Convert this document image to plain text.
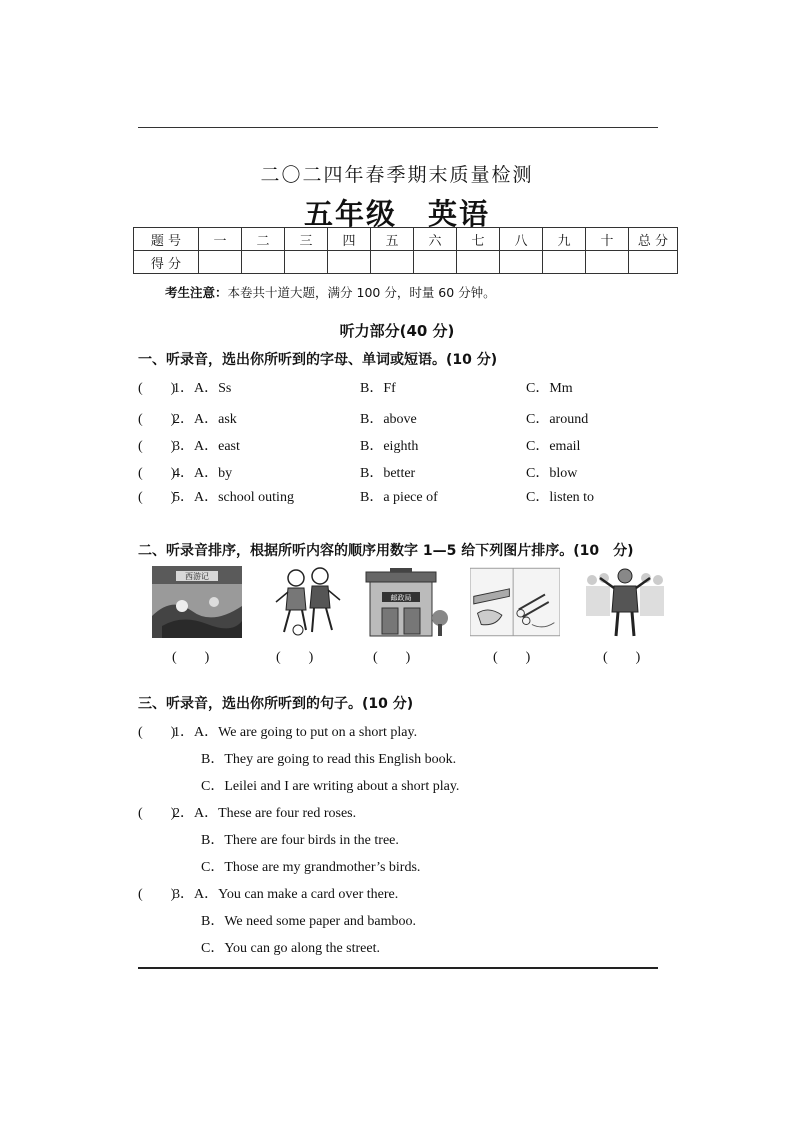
二〇二四年春季期末质量检测
五年级　英语
题 号	一	二	三	四	五	六	七	八	九	十	总 分
得 分											
考生注意：本卷共十道大题，满分 100 分，时量 60 分钟。
听力部分(40 分)
一、听录音，选出你所听到的字母、单词或短语。(10 分)
(　　)
1．A．Ss	B．Ff	C．Mm
(　　)
2．A．ask	B．above	C．around
(　　)
3．A．east	B．eighth	C．email
(　　)
4．A．by	B．better	C．blow
(　　)
5．A．school outing	B．a piece of	C．listen to
二、听录音排序，根据所听内容的顺序用数字 1—5 给下列图片排序。(10　分)
西游记
邮政局
(　　)	(　　)	(　　)	(　　)	(　　)
三、听录音，选出你所听到的句子。(10 分)
(　　)
1．A．We are going to put on a short play.
B．They are going to read this English book.
C．Leilei and I are writing about a short play.
(　　)
2．A．These are four red roses.
B．There are four birds in the tree.
C．Those are my grandmother’s birds.
(　　)
3．A．You can make a card over there.
B．We need some paper and bamboo.
C．You can go along the street.
